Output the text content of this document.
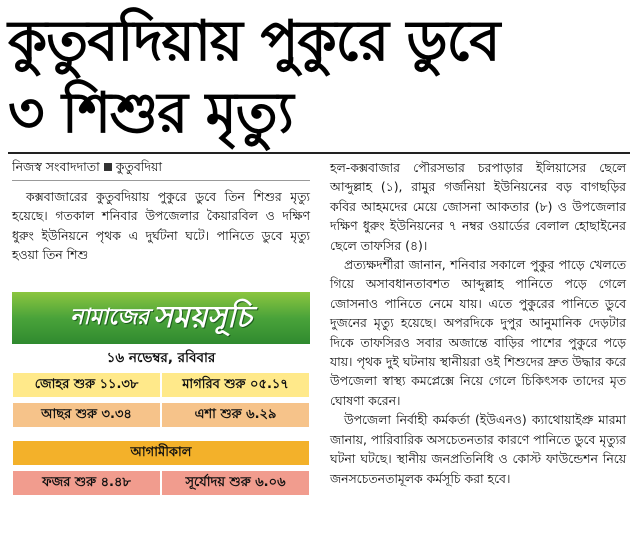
কুতুবদিয়ায় পুকুরে ডুবে
৩ শিশুর মৃত্যু
নিজস্ব সংবাদদাতা কুতুবদিয়া

কক্সবাজারের কুতুবদিয়ায় পুকুরে ডুবে তিন শিশুর মৃত্যু হয়েছে। গতকাল শনিবার উপজেলার কৈয়ারবিল ও দক্ষিণ ধুরুং ইউনিয়নে পৃথক এ দুর্ঘটনা ঘটে। পানিতে ডুবে মৃত্যু হওয়া তিন শিশু

নামাজের সময়সূচি
১৬ নভেম্বর, রবিবার
জোহর শুরু ১১.৩৮	মাগরিব শুরু ০৫.১৭
আছর শুরু ৩.৩৪	এশা শুরু ৬.২৯
আগামীকাল
ফজর শুরু ৪.৪৮	সূর্যোদয় শুরু ৬.০৬

হল-কক্সবাজার পৌরসভার চরপাড়ার ইলিয়াসের ছেলে আব্দুল্লাহ (১), রামুর গর্জনিয়া ইউনিয়নের বড় বাগছড়ির কবির আহমদের মেয়ে জোসনা আকতার (৮) ও উপজেলার দক্ষিণ ধুরুং ইউনিয়নের ৭ নম্বর ওয়ার্ডের বেলাল হোছাইনের ছেলে তাফসির (৪)।

প্রত্যক্ষদর্শীরা জানান, শনিবার সকালে পুকুর পাড়ে খেলতে গিয়ে অসাবধানতাবশত আব্দুল্লাহ পানিতে পড়ে গেলে জোসনাও পানিতে নেমে যায়। এতে পুকুরের পানিতে ডুবে দুজনের মৃত্যু হয়েছে। অপরদিকে দুপুর আনুমানিক দেড়টার দিকে তাফসিরও সবার অজান্তে বাড়ির পাশের পুকুরে পড়ে যায়। পৃথক দুই ঘটনায় স্থানীয়রা ওই শিশুদের দ্রুত উদ্ধার করে উপজেলা স্বাস্থ্য কমপ্লেক্সে নিয়ে গেলে চিকিৎসক তাদের মৃত ঘোষণা করেন।

উপজেলা নির্বাহী কর্মকর্তা (ইউএনও) ক্যাথোয়াইপ্রু মারমা জানায়, পারিবারিক অসচেতনতার কারণে পানিতে ডুবে মৃত্যুর ঘটনা ঘটছে। স্থানীয় জনপ্রতিনিধি ও কোস্ট ফাউন্ডেশন নিয়ে জনসচেতনতামূলক কর্মসূচি করা হবে।
